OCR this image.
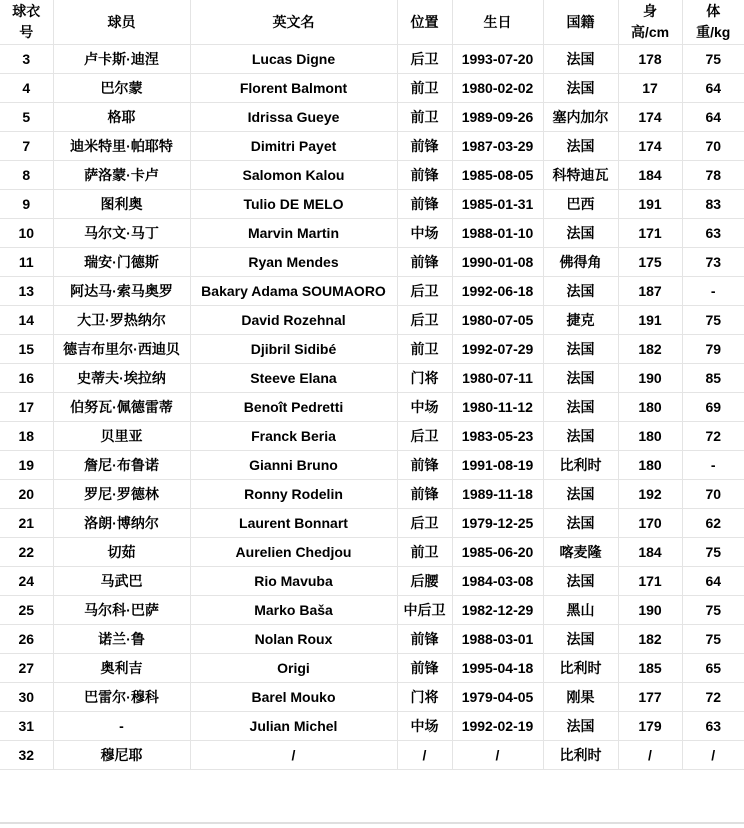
球衣号	球员	英文名	位置	生日	国籍	身高/cm	体重/kg
3	卢卡斯·迪涅	Lucas Digne	后卫	1993-07-20	法国	178	75
4	巴尔蒙	Florent Balmont	前卫	1980-02-02	法国	17	64
5	格耶	Idrissa Gueye	前卫	1989-09-26	塞内加尔	174	64
7	迪米特里·帕耶特	Dimitri Payet	前锋	1987-03-29	法国	174	70
8	萨洛蒙·卡卢	Salomon Kalou	前锋	1985-08-05	科特迪瓦	184	78
9	图利奥	Tulio DE MELO	前锋	1985-01-31	巴西	191	83
10	马尔文·马丁	Marvin Martin	中场	1988-01-10	法国	171	63
11	瑞安·门德斯	Ryan Mendes	前锋	1990-01-08	佛得角	175	73
13	阿达马·索马奥罗	Bakary Adama SOUMAORO	后卫	1992-06-18	法国	187	-
14	大卫·罗热纳尔	David Rozehnal	后卫	1980-07-05	捷克	191	75
15	德吉布里尔·西迪贝	Djibril Sidibé	前卫	1992-07-29	法国	182	79
16	史蒂夫·埃拉纳	Steeve Elana	门将	1980-07-11	法国	190	85
17	伯努瓦·佩德雷蒂	Benoît Pedretti	中场	1980-11-12	法国	180	69
18	贝里亚	Franck Beria	后卫	1983-05-23	法国	180	72
19	詹尼·布鲁诺	Gianni Bruno	前锋	1991-08-19	比利时	180	-
20	罗尼·罗德林	Ronny Rodelin	前锋	1989-11-18	法国	192	70
21	洛朗·博纳尔	Laurent Bonnart	后卫	1979-12-25	法国	170	62
22	切茹	Aurelien Chedjou	前卫	1985-06-20	喀麦隆	184	75
24	马武巴	Rio Mavuba	后腰	1984-03-08	法国	171	64
25	马尔科·巴萨	Marko Baša	中后卫	1982-12-29	黑山	190	75
26	诺兰·鲁	Nolan Roux	前锋	1988-03-01	法国	182	75
27	奥利吉	Origi	前锋	1995-04-18	比利时	185	65
30	巴雷尔·穆科	Barel Mouko	门将	1979-04-05	刚果	177	72
31	-	Julian Michel	中场	1992-02-19	法国	179	63
32	穆尼耶	/	/	/	比利时	/	/
